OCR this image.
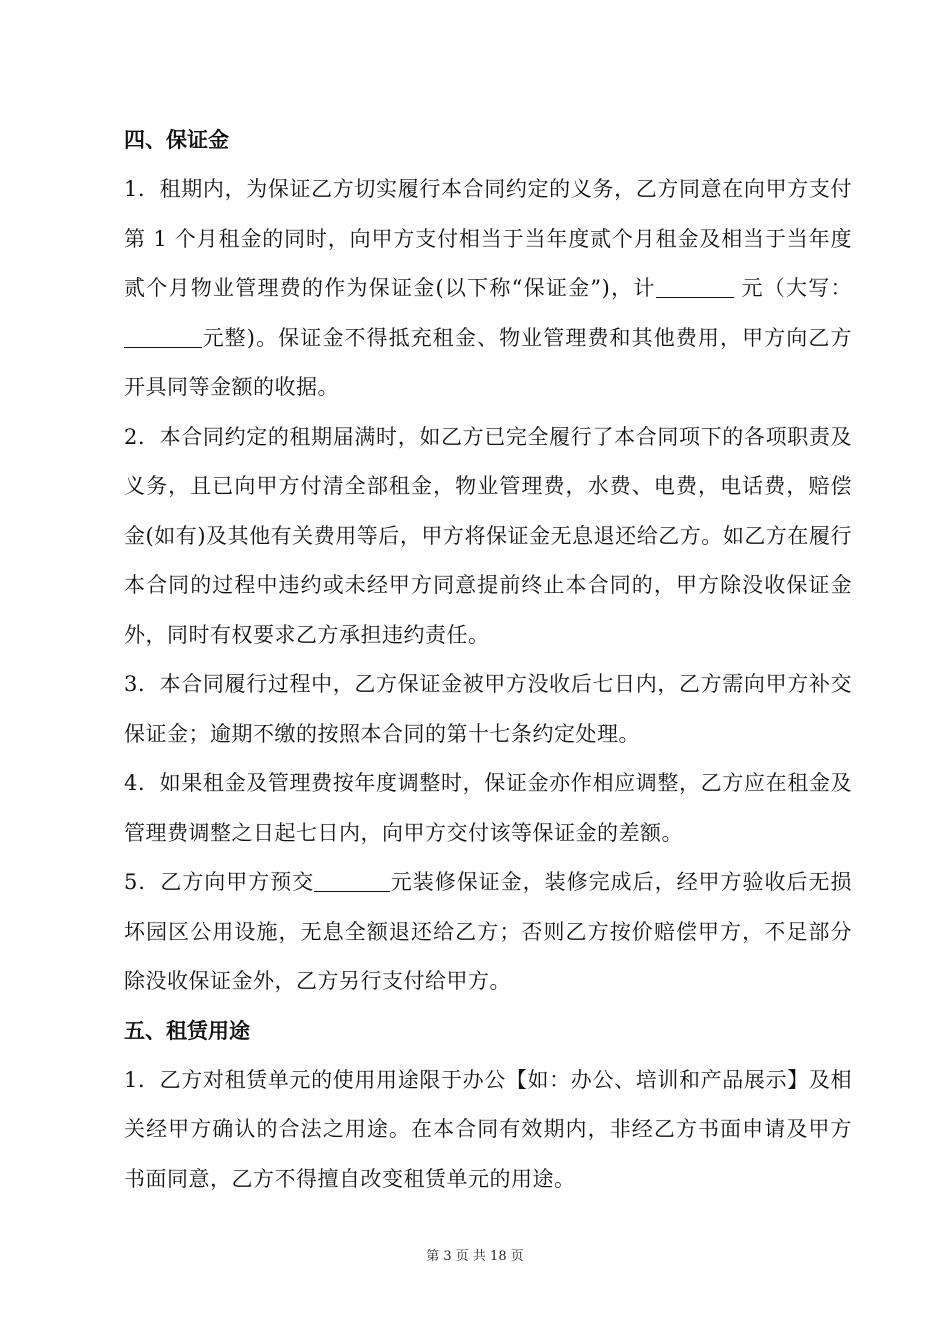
四、保证金

1．租期内，为保证乙方切实履行本合同约定的义务，乙方同意在向甲方支付第 1 个月租金的同时，向甲方支付相当于当年度贰个月租金及相当于当年度贰个月物业管理费的作为保证金(以下称“保证金”)，计	元（大写：元整)。保证金不得抵充租金、物业管理费和其他费用，甲方向乙方开具同等金额的收据。

2．本合同约定的租期届满时，如乙方已完全履行了本合同项下的各项职责及义务，且已向甲方付清全部租金，物业管理费，水费、电费，电话费，赔偿金(如有)及其他有关费用等后，甲方将保证金无息退还给乙方。如乙方在履行本合同的过程中违约或未经甲方同意提前终止本合同的，甲方除没收保证金外，同时有权要求乙方承担违约责任。

3．本合同履行过程中，乙方保证金被甲方没收后七日内，乙方需向甲方补交保证金；逾期不缴的按照本合同的第十七条约定处理。

4．如果租金及管理费按年度调整时，保证金亦作相应调整，乙方应在租金及管理费调整之日起七日内，向甲方交付该等保证金的差额。

5．乙方向甲方预交	元装修保证金，装修完成后，经甲方验收后无损坏园区公用设施，无息全额退还给乙方；否则乙方按价赔偿甲方，不足部分除没收保证金外，乙方另行支付给甲方。

五、租赁用途

1．乙方对租赁单元的使用用途限于办公【如：办公、培训和产品展示】及相关经甲方确认的合法之用途。在本合同有效期内，非经乙方书面申请及甲方书面同意，乙方不得擅自改变租赁单元的用途。

第 3 页 共 18 页
